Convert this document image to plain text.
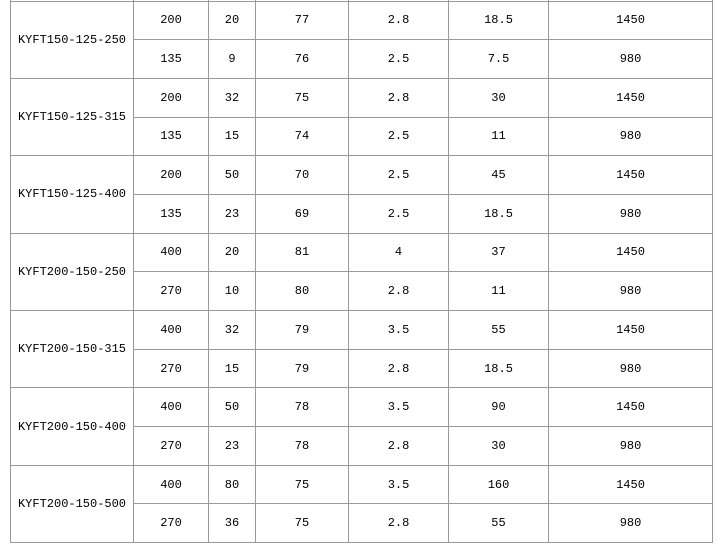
KYFT150-125-250	200	20	77	2.8	18.5	1450
	135	9	76	2.5	7.5	980
KYFT150-125-315	200	32	75	2.8	30	1450
	135	15	74	2.5	11	980
KYFT150-125-400	200	50	70	2.5	45	1450
	135	23	69	2.5	18.5	980
KYFT200-150-250	400	20	81	4	37	1450
	270	10	80	2.8	11	980
KYFT200-150-315	400	32	79	3.5	55	1450
	270	15	79	2.8	18.5	980
KYFT200-150-400	400	50	78	3.5	90	1450
	270	23	78	2.8	30	980
KYFT200-150-500	400	80	75	3.5	160	1450
	270	36	75	2.8	55	980
